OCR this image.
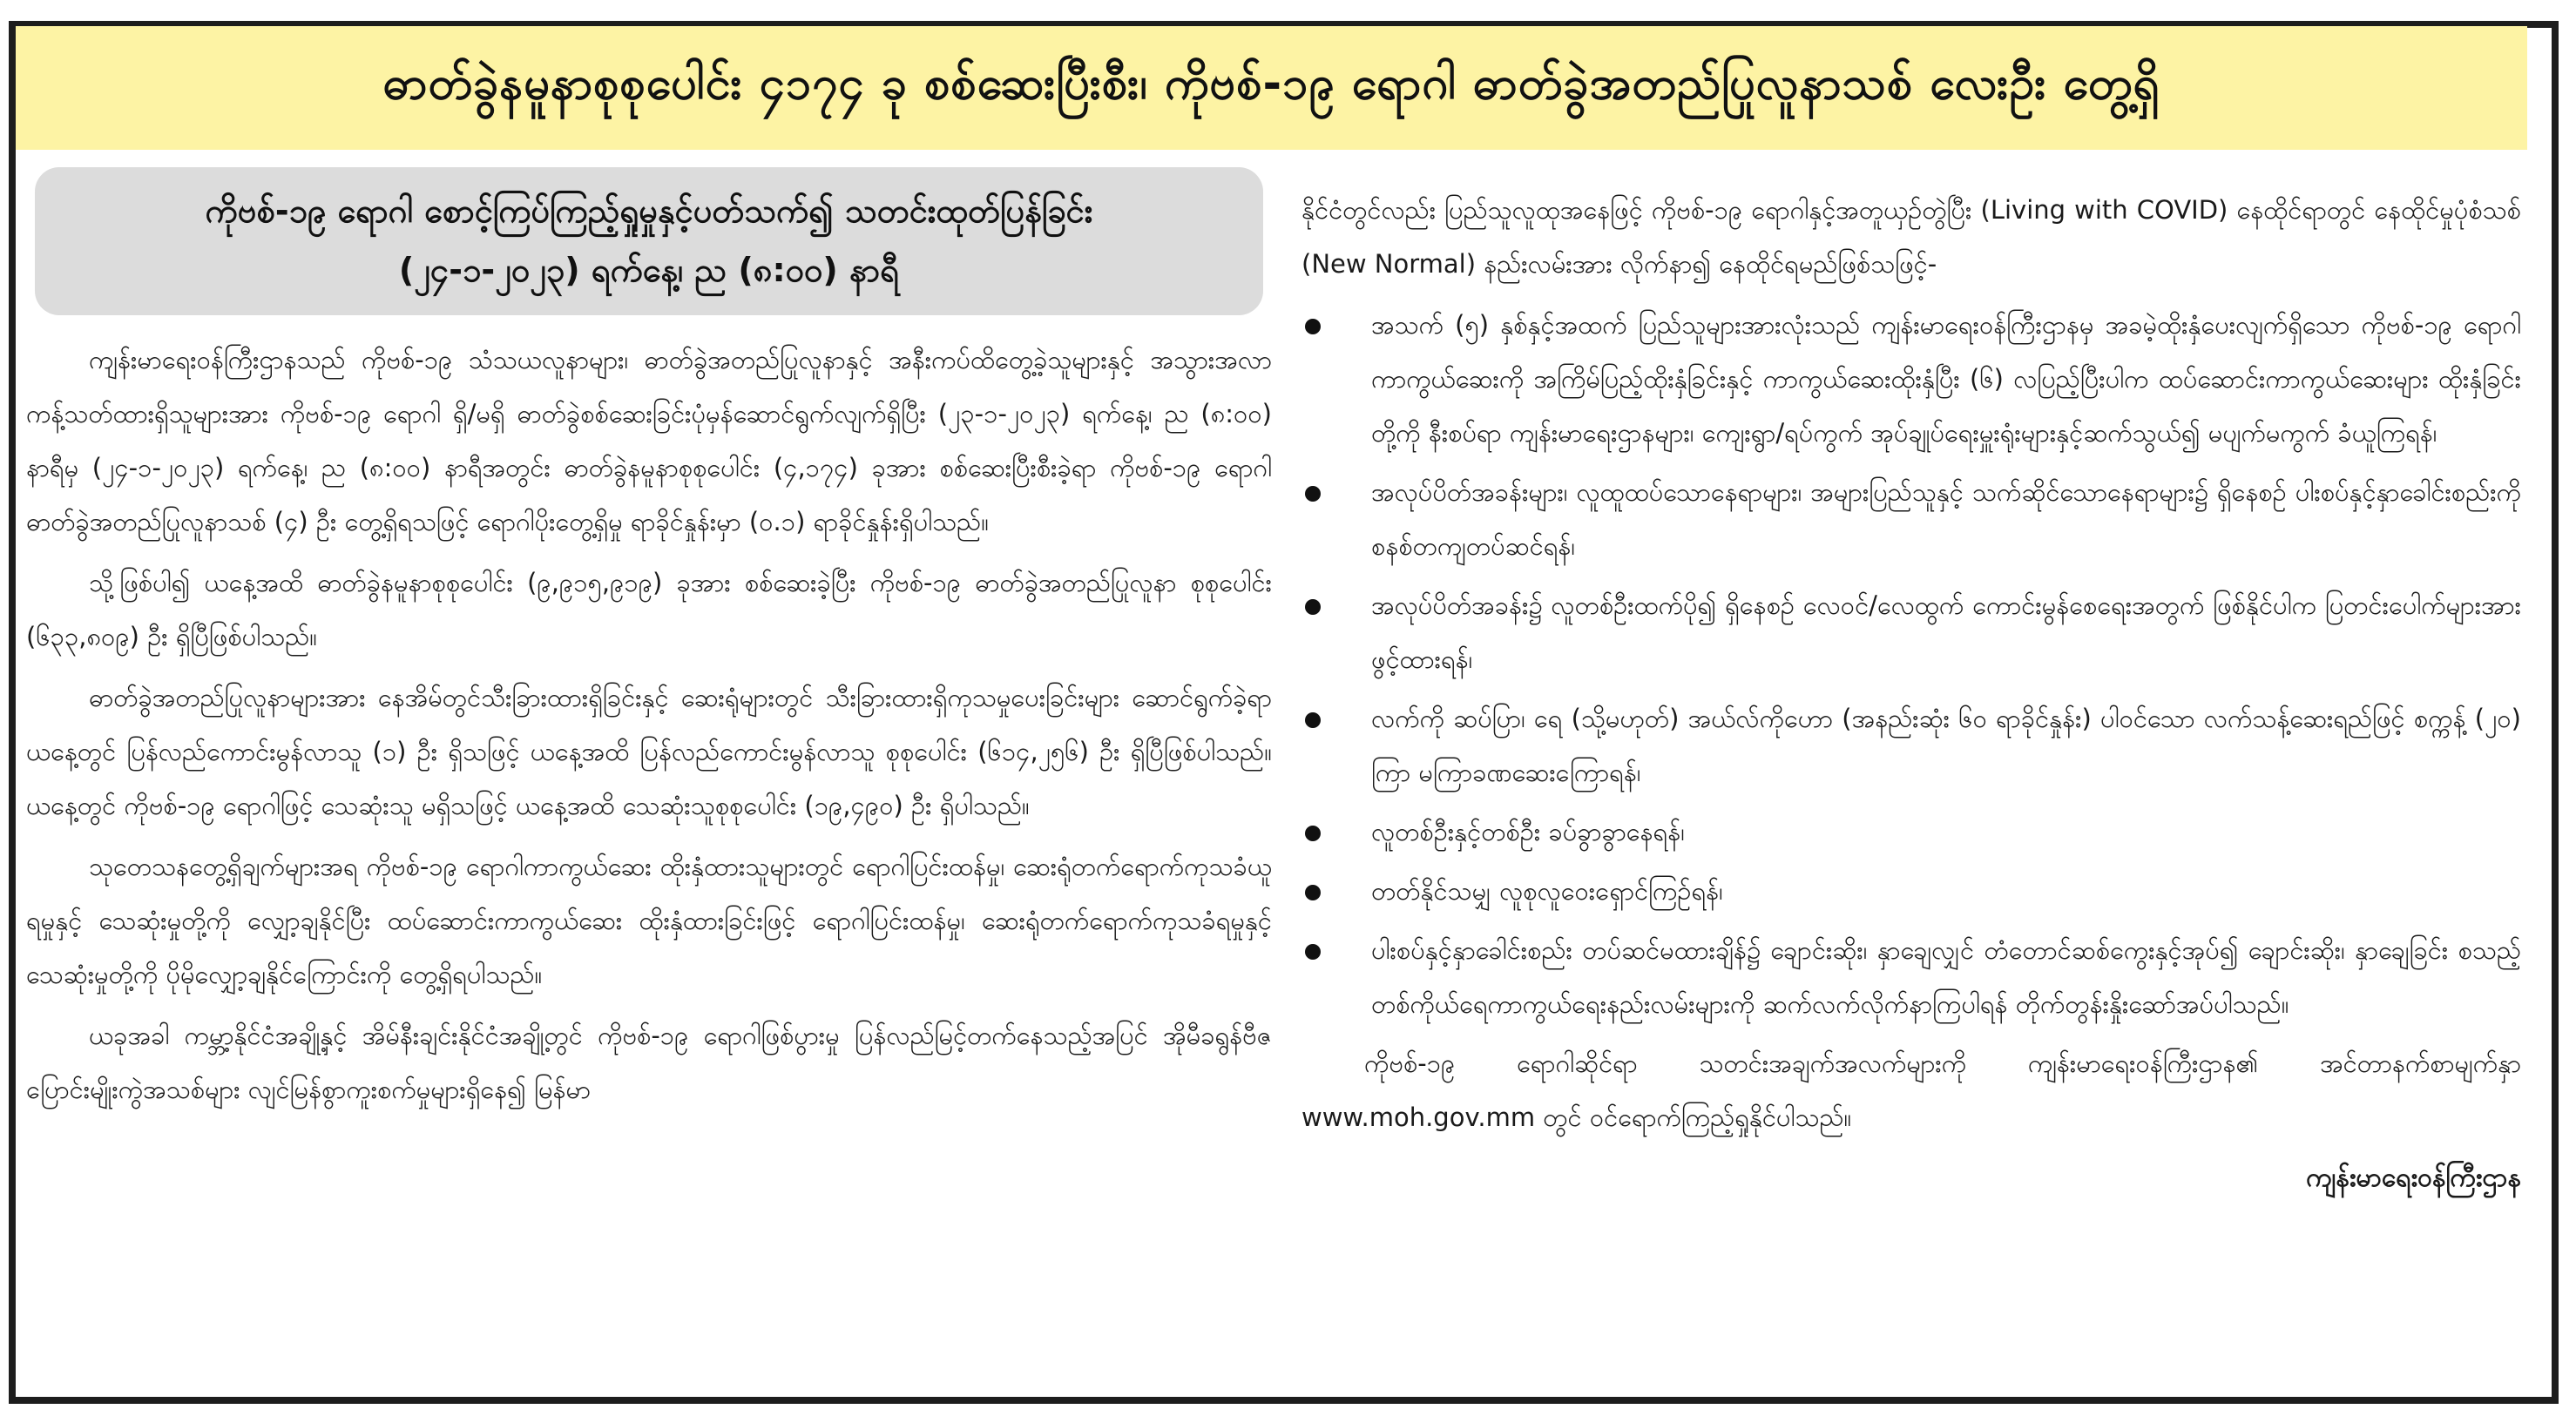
ဓာတ်ခွဲနမူနာစုစုပေါင်း ၄၁၇၄ ခု စစ်ဆေးပြီးစီး၊ ကိုဗစ်-၁၉ ရောဂါ ဓာတ်ခွဲအတည်ပြုလူနာသစ် လေးဦး တွေ့ရှိ
ကိုဗစ်-၁၉ ရောဂါ စောင့်ကြပ်ကြည့်ရှုမှုနှင့်ပတ်သက်၍ သတင်းထုတ်ပြန်ခြင်း
(၂၄-၁-၂၀၂၃) ရက်နေ့၊ ည (၈:၀၀) နာရီ

ကျန်းမာရေးဝန်ကြီးဌာနသည် ကိုဗစ်-၁၉ သံသယလူနာများ၊ ဓာတ်ခွဲအတည်ပြုလူနာနှင့် အနီးကပ်ထိတွေ့ခဲ့သူများနှင့် အသွားအလာကန့်သတ်ထားရှိသူများအား ကိုဗစ်-၁၉ ရောဂါ ရှိ/မရှိ ဓာတ်ခွဲစစ်ဆေးခြင်းပုံမှန်ဆောင်ရွက်လျက်ရှိပြီး (၂၃-၁-၂၀၂၃) ရက်နေ့၊ ည (၈:၀၀) နာရီမှ (၂၄-၁-၂၀၂၃) ရက်နေ့၊ ည (၈:၀၀) နာရီအတွင်း ဓာတ်ခွဲနမူနာစုစုပေါင်း (၄,၁၇၄) ခုအား စစ်ဆေးပြီးစီးခဲ့ရာ ကိုဗစ်-၁၉ ရောဂါ ဓာတ်ခွဲအတည်ပြုလူနာသစ် (၄) ဦး တွေ့ရှိရသဖြင့် ရောဂါပိုးတွေ့ရှိမှု ရာခိုင်နှုန်းမှာ (၀.၁) ရာခိုင်နှုန်းရှိပါသည်။

သို့ဖြစ်ပါ၍ ယနေ့အထိ ဓာတ်ခွဲနမူနာစုစုပေါင်း (၉,၉၁၅,၉၁၉) ခုအား စစ်ဆေးခဲ့ပြီး ကိုဗစ်-၁၉ ဓာတ်ခွဲအတည်ပြုလူနာ စုစုပေါင်း (၆၃၃,၈၀၉) ဦး ရှိပြီဖြစ်ပါသည်။

ဓာတ်ခွဲအတည်ပြုလူနာများအား နေအိမ်တွင်သီးခြားထားရှိခြင်းနှင့် ဆေးရုံများတွင် သီးခြားထားရှိကုသမှုပေးခြင်းများ ဆောင်ရွက်ခဲ့ရာ ယနေ့တွင် ပြန်လည်ကောင်းမွန်လာသူ (၁) ဦး ရှိသဖြင့် ယနေ့အထိ ပြန်လည်ကောင်းမွန်လာသူ စုစုပေါင်း (၆၁၄,၂၅၆) ဦး ရှိပြီဖြစ်ပါသည်။ ယနေ့တွင် ကိုဗစ်-၁၉ ရောဂါဖြင့် သေဆုံးသူ မရှိသဖြင့် ယနေ့အထိ သေဆုံးသူစုစုပေါင်း (၁၉,၄၉၀) ဦး ရှိပါသည်။

သုတေသနတွေ့ရှိချက်များအရ ကိုဗစ်-၁၉ ရောဂါကာကွယ်ဆေး ထိုးနှံထားသူများတွင် ရောဂါပြင်းထန်မှု၊ ဆေးရုံတက်ရောက်ကုသခံယူရမှုနှင့် သေဆုံးမှုတို့ကို လျှော့ချနိုင်ပြီး ထပ်ဆောင်းကာကွယ်ဆေး ထိုးနှံထားခြင်းဖြင့် ရောဂါပြင်းထန်မှု၊ ဆေးရုံတက်ရောက်ကုသခံရမှုနှင့် သေဆုံးမှုတို့ကို ပိုမိုလျှော့ချနိုင်ကြောင်းကို တွေ့ရှိရပါသည်။

ယခုအခါ ကမ္ဘာ့နိုင်ငံအချို့နှင့် အိမ်နီးချင်းနိုင်ငံအချို့တွင် ကိုဗစ်-၁၉ ရောဂါဖြစ်ပွားမှု ပြန်လည်မြင့်တက်နေသည့်အပြင် အိုမီခရွန်ဗီဇပြောင်းမျိုးကွဲအသစ်များ လျင်မြန်စွာကူးစက်မှုများရှိနေ၍ မြန်မာ

နိုင်ငံတွင်လည်း ပြည်သူလူထုအနေဖြင့် ကိုဗစ်-၁၉ ရောဂါနှင့်အတူယှဉ်တွဲပြီး (Living with COVID) နေထိုင်ရာတွင် နေထိုင်မှုပုံစံသစ် (New Normal) နည်းလမ်းအား လိုက်နာ၍ နေထိုင်ရမည်ဖြစ်သဖြင့်-

အသက် (၅) နှစ်နှင့်အထက် ပြည်သူများအားလုံးသည် ကျန်းမာရေးဝန်ကြီးဌာနမှ အခမဲ့ထိုးနှံပေးလျက်ရှိသော ကိုဗစ်-၁၉ ရောဂါ ကာကွယ်ဆေးကို အကြိမ်ပြည့်ထိုးနှံခြင်းနှင့် ကာကွယ်ဆေးထိုးနှံပြီး (၆) လပြည့်ပြီးပါက ထပ်ဆောင်းကာကွယ်ဆေးများ ထိုးနှံခြင်းတို့ကို နီးစပ်ရာ ကျန်းမာရေးဌာနများ၊ ကျေးရွာ/ရပ်ကွက် အုပ်ချုပ်ရေးမှူးရုံးများနှင့်ဆက်သွယ်၍ မပျက်မကွက် ခံယူကြရန်၊
အလုပ်ပိတ်အခန်းများ၊ လူထူထပ်သောနေရာများ၊ အများပြည်သူနှင့် သက်ဆိုင်သောနေရာများ၌ ရှိနေစဉ် ပါးစပ်နှင့်နှာခေါင်းစည်းကို စနစ်တကျတပ်ဆင်ရန်၊
အလုပ်ပိတ်အခန်း၌ လူတစ်ဦးထက်ပို၍ ရှိနေစဉ် လေဝင်/လေထွက် ကောင်းမွန်စေရေးအတွက် ဖြစ်နိုင်ပါက ပြတင်းပေါက်များအား ဖွင့်ထားရန်၊
လက်ကို ဆပ်ပြာ၊ ရေ (သို့မဟုတ်) အယ်လ်ကိုဟော (အနည်းဆုံး ၆၀ ရာခိုင်နှုန်း) ပါဝင်သော လက်သန့်ဆေးရည်ဖြင့် စက္ကန့် (၂၀) ကြာ မကြာခဏဆေးကြောရန်၊
လူတစ်ဦးနှင့်တစ်ဦး ခပ်ခွာခွာနေရန်၊
တတ်နိုင်သမျှ လူစုလူဝေးရှောင်ကြဉ်ရန်၊
ပါးစပ်နှင့်နှာခေါင်းစည်း တပ်ဆင်မထားချိန်၌ ချောင်းဆိုး၊ နှာချေလျှင် တံတောင်ဆစ်ကွေးနှင့်အုပ်၍ ချောင်းဆိုး၊ နှာချေခြင်း စသည့် တစ်ကိုယ်ရေကာကွယ်ရေးနည်းလမ်းများကို ဆက်လက်လိုက်နာကြပါရန် တိုက်တွန်းနှိုးဆော်အပ်ပါသည်။

ကိုဗစ်-၁၉ ရောဂါဆိုင်ရာ သတင်းအချက်အလက်များကို ကျန်းမာရေးဝန်ကြီးဌာန၏ အင်တာနက်စာမျက်နှာ www.moh.gov.mm တွင် ဝင်ရောက်ကြည့်ရှုနိုင်ပါသည်။

ကျန်းမာရေးဝန်ကြီးဌာန
